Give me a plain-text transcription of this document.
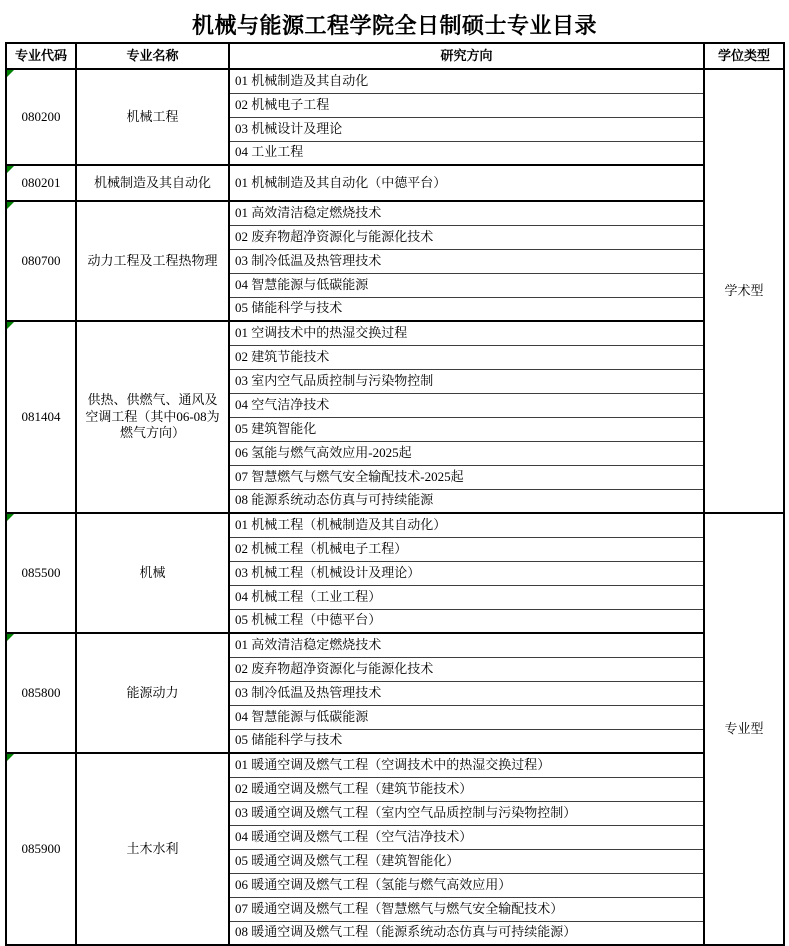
机械与能源工程学院全日制硕士专业目录
专业代码	专业名称	研究方向	学位类型

080200	机械工程	01 机械制造及其自动化	学术型
		02 机械电子工程	
		03 机械设计及理论	
		04 工业工程	

080201	机械制造及其自动化	01 机械制造及其自动化（中德平台）	

080700	动力工程及工程热物理	01 高效清洁稳定燃烧技术	
		02 废弃物超净资源化与能源化技术	
		03 制冷低温及热管理技术	
		04 智慧能源与低碳能源	
		05 储能科学与技术	

081404	供热、供燃气、通风及空调工程（其中06-08为燃气方向）	01 空调技术中的热湿交换过程	
		02 建筑节能技术	
		03 室内空气品质控制与污染物控制	
		04 空气洁净技术	
		05 建筑智能化	
		06 氢能与燃气高效应用-2025起	
		07 智慧燃气与燃气安全输配技术-2025起	
		08 能源系统动态仿真与可持续能源	

085500	机械	01 机械工程（机械制造及其自动化）	专业型
		02 机械工程（机械电子工程）	
		03 机械工程（机械设计及理论）	
		04 机械工程（工业工程）	
		05 机械工程（中德平台）	

085800	能源动力	01 高效清洁稳定燃烧技术	
		02 废弃物超净资源化与能源化技术	
		03 制冷低温及热管理技术	
		04 智慧能源与低碳能源	
		05 储能科学与技术	

085900	土木水利	01 暖通空调及燃气工程（空调技术中的热湿交换过程）	
		02 暖通空调及燃气工程（建筑节能技术）	
		03 暖通空调及燃气工程（室内空气品质控制与污染物控制）	
		04 暖通空调及燃气工程（空气洁净技术）	
		05 暖通空调及燃气工程（建筑智能化）	
		06 暖通空调及燃气工程（氢能与燃气高效应用）	
		07 暖通空调及燃气工程（智慧燃气与燃气安全输配技术）	
		08 暖通空调及燃气工程（能源系统动态仿真与可持续能源）	
